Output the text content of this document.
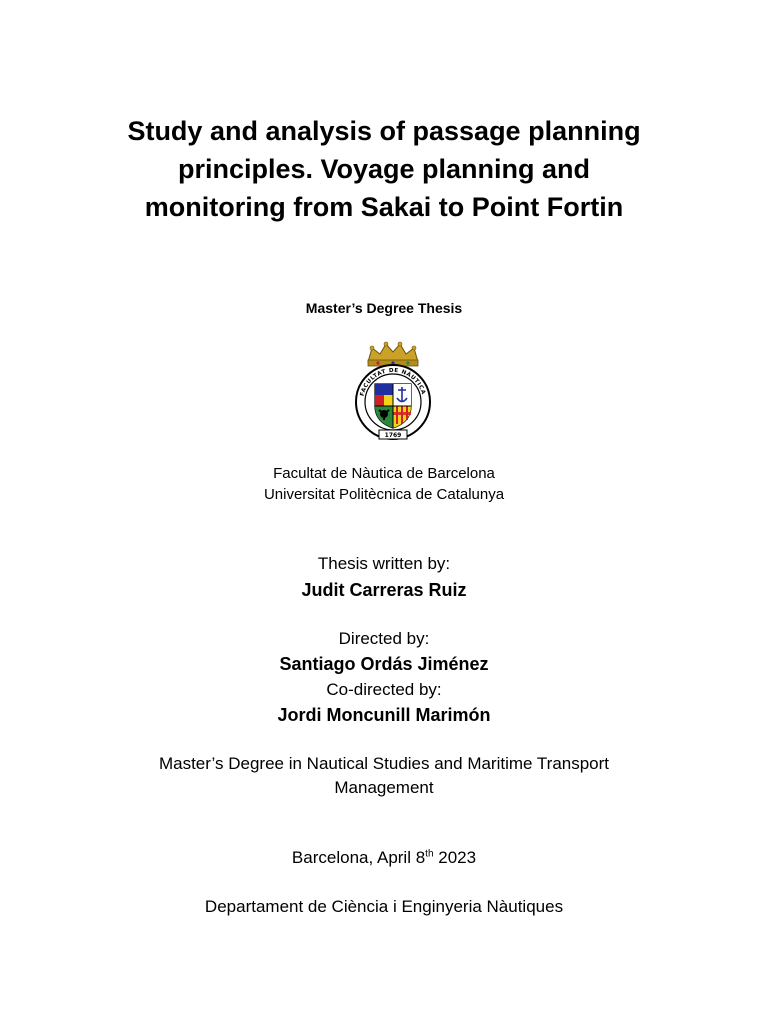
Study and analysis of passage planning
principles. Voyage planning and
monitoring from Sakai to Point Fortin
Master’s Degree Thesis
FACULTAT DE NÀUTICA
1769
Facultat de Nàutica de Barcelona
Universitat Politècnica de Catalunya
Thesis written by:
Judit Carreras Ruiz
Directed by:
Santiago Ordás Jiménez
Co-directed by:
Jordi Moncunill Marimón
Master’s Degree in Nautical Studies and Maritime Transport
Management
Barcelona, April 8th 2023
Departament de Ciència i Enginyeria Nàutiques
